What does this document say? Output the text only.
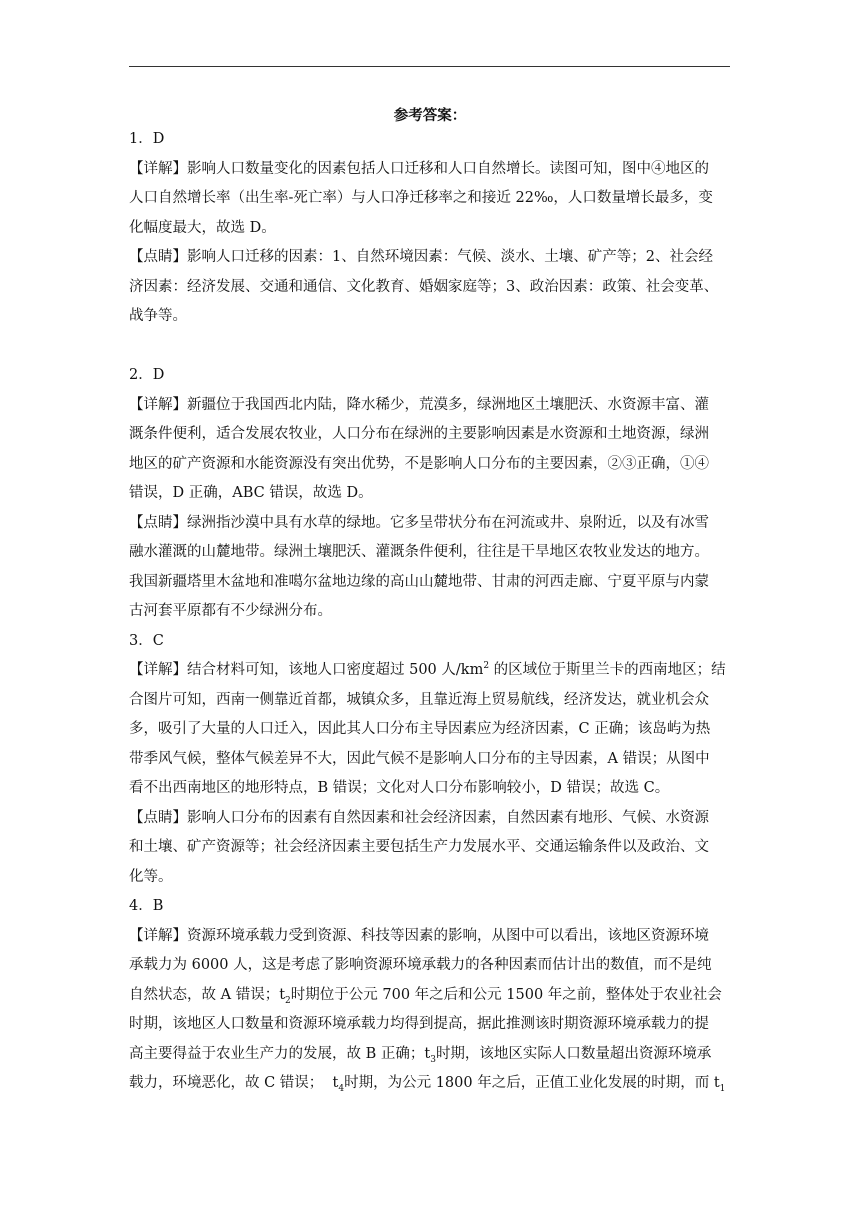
参考答案：
1．D
【详解】影响人口数量变化的因素包括人口迁移和人口自然增长。读图可知，图中④地区的
人口自然增长率（出生率-死亡率）与人口净迁移率之和接近 22‰，人口数量增长最多，变
化幅度最大，故选 D。
【点睛】影响人口迁移的因素：1、自然环境因素：气候、淡水、土壤、矿产等；2、社会经
济因素：经济发展、交通和通信、文化教育、婚姻家庭等；3、政治因素：政策、社会变革、
战争等。
2．D
【详解】新疆位于我国西北内陆，降水稀少，荒漠多，绿洲地区土壤肥沃、水资源丰富、灌
溉条件便利，适合发展农牧业，人口分布在绿洲的主要影响因素是水资源和土地资源，绿洲
地区的矿产资源和水能资源没有突出优势，不是影响人口分布的主要因素，②③正确，①④
错误，D 正确，ABC 错误，故选 D。
【点睛】绿洲指沙漠中具有水草的绿地。它多呈带状分布在河流或井、泉附近，以及有冰雪
融水灌溉的山麓地带。绿洲土壤肥沃、灌溉条件便利，往往是干旱地区农牧业发达的地方。
我国新疆塔里木盆地和准噶尔盆地边缘的高山山麓地带、甘肃的河西走廊、宁夏平原与内蒙
古河套平原都有不少绿洲分布。
3．C
【详解】结合材料可知，该地人口密度超过 500 人$/km^2$ 的区域位于斯里兰卡的西南地区；结
合图片可知，西南一侧靠近首都，城镇众多，且靠近海上贸易航线，经济发达，就业机会众
多，吸引了大量的人口迁入，因此其人口分布主导因素应为经济因素，C 正确；该岛屿为热
带季风气候，整体气候差异不大，因此气候不是影响人口分布的主导因素，A 错误；从图中
看不出西南地区的地形特点，B 错误；文化对人口分布影响较小，D 错误；故选 C。
【点睛】影响人口分布的因素有自然因素和社会经济因素，自然因素有地形、气候、水资源
和土壤、矿产资源等；社会经济因素主要包括生产力发展水平、交通运输条件以及政治、文
化等。
4．B
【详解】资源环境承载力受到资源、科技等因素的影响，从图中可以看出，该地区资源环境
承载力为 6000 人，这是考虑了影响资源环境承载力的各种因素而估计出的数值，而不是纯
自然状态，故 A 错误；$t_2$时期位于公元 700 年之后和公元 1500 年之前，整体处于农业社会
时期，该地区人口数量和资源环境承载力均得到提高，据此推测该时期资源环境承载力的提
高主要得益于农业生产力的发展，故 B 正确；$t_3$时期，该地区实际人口数量超出资源环境承
载力，环境恶化，故 C 错误； $t_4$时期，为公元 1800 年之后，正值工业化发展的时期，而 $t_1$
